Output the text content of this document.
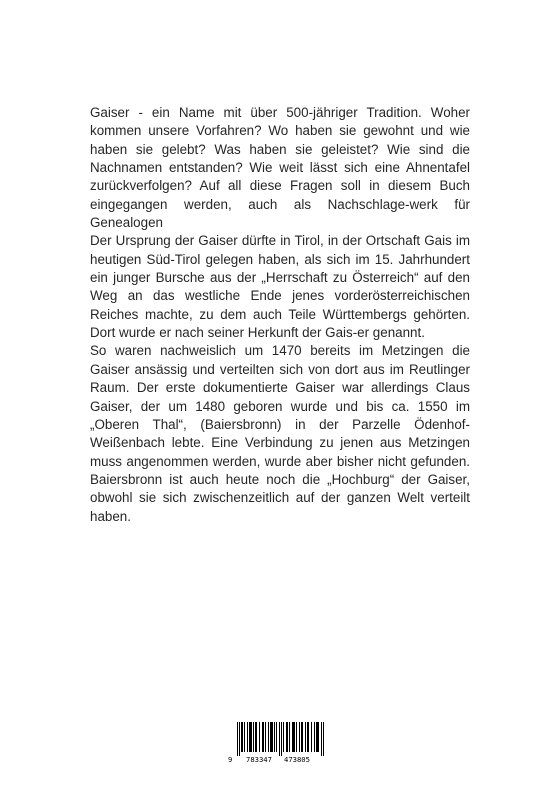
Gaiser - ein Name mit über 500-jähriger Tradition. Woher kommen unsere Vorfahren? Wo haben sie gewohnt und wie haben sie gelebt? Was haben sie geleistet? Wie sind die Nachnamen entstanden? Wie weit lässt sich eine Ahnentafel zurückverfolgen? Auf all diese Fragen soll in diesem Buch eingegangen werden, auch als Nachschlage-werk für Genealogen

Der Ursprung der Gaiser dürfte in Tirol, in der Ortschaft Gais im heutigen Süd-Tirol gelegen haben, als sich im 15. Jahrhundert ein junger Bursche aus der „Herrschaft zu Österreich“ auf den Weg an das westliche Ende jenes vorderösterreichischen Reiches machte, zu dem auch Teile Württembergs gehörten. Dort wurde er nach seiner Herkunft der Gais-er genannt.

So waren nachweislich um 1470 bereits im Metzingen die Gaiser ansässig und verteilten sich von dort aus im Reutlinger Raum. Der erste dokumentierte Gaiser war allerdings Claus Gaiser, der um 1480 geboren wurde und bis ca. 1550 im „Oberen Thal“, (Baiersbronn) in der Parzelle Ödenhof-Weißenbach lebte. Eine Verbindung zu jenen aus Metzingen muss angenommen werden, wurde aber bisher nicht gefunden. Baiersbronn ist auch heute noch die „Hochburg“ der Gaiser, obwohl sie sich zwischenzeitlich auf der ganzen Welt verteilt haben.

9 783347 473805
